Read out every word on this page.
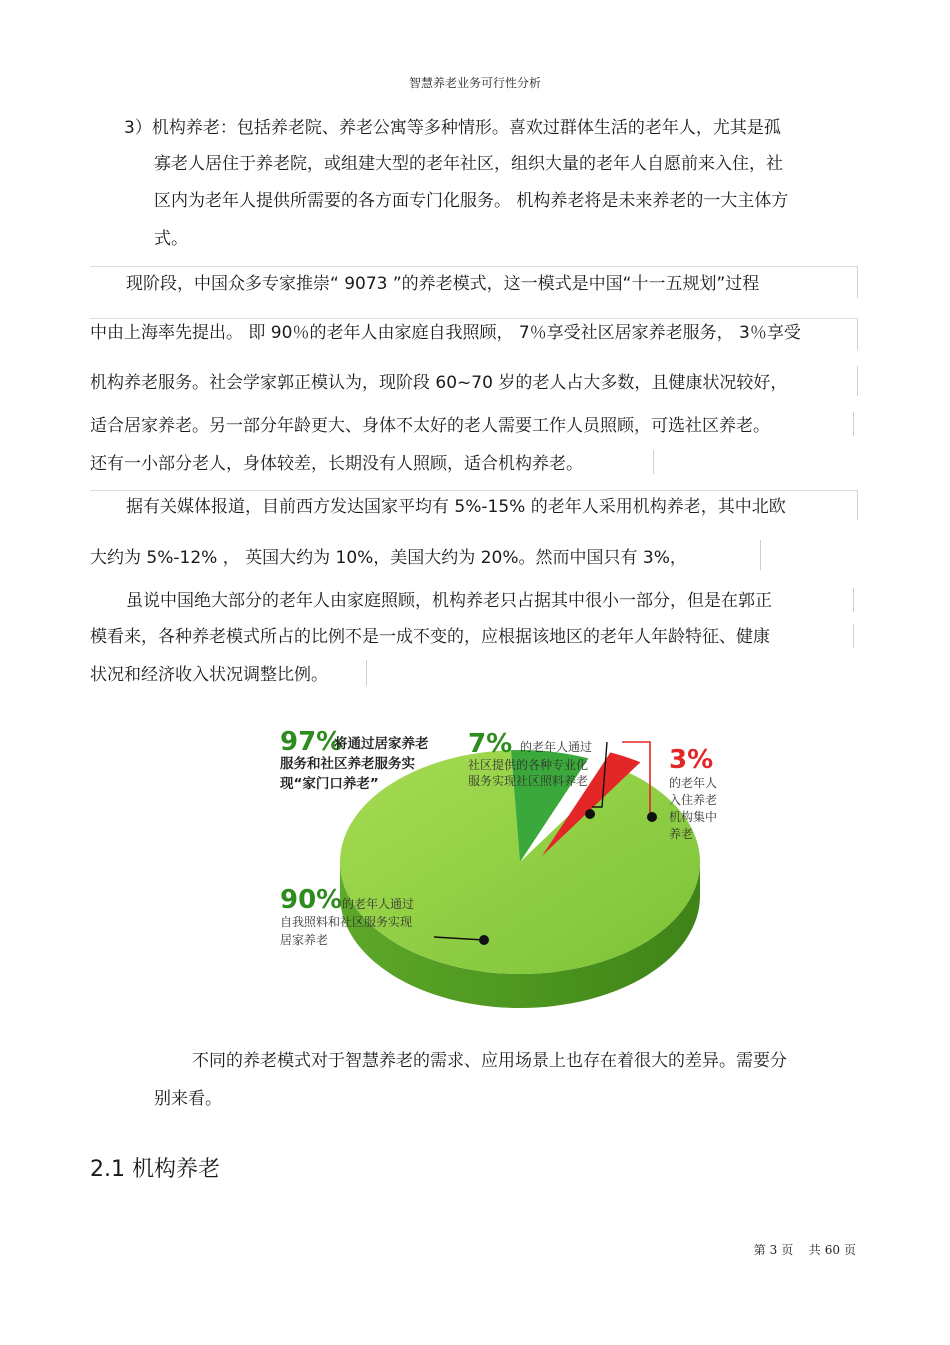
智慧养老业务可行性分析
3）机构养老：包括养老院、养老公寓等多种情形。喜欢过群体生活的老年人，尤其是孤
寡老人居住于养老院，或组建大型的老年社区，组织大量的老年人自愿前来入住，社
区内为老年人提供所需要的各方面专门化服务。 机构养老将是未来养老的一大主体方
式。
现阶段，中国众多专家推崇“ 9073 ”的养老模式，这一模式是中国“十一五规划”过程
中由上海率先提出。 即 90％的老年人由家庭自我照顾， 7％享受社区居家养老服务， 3％享受
机构养老服务。社会学家郭正模认为，现阶段 60~70 岁的老人占大多数，且健康状况较好，
适合居家养老。另一部分年龄更大、身体不太好的老人需要工作人员照顾，可选社区养老。
还有一小部分老人，身体较差，长期没有人照顾，适合机构养老。
据有关媒体报道，目前西方发达国家平均有 5%-15% 的老年人采用机构养老，其中北欧
大约为 5%-12% ， 英国大约为 10%，美国大约为 20%。然而中国只有 3%，
虽说中国绝大部分的老年人由家庭照顾，机构养老只占据其中很小一部分，但是在郭正
模看来，各种养老模式所占的比例不是一成不变的，应根据该地区的老年人年龄特征、健康
状况和经济收入状况调整比例。
97%
将通过居家养老
服务和社区养老服务实
现“家门口养老”
7% 的老年人通过
社区提供的各种专业化
服务实现社区照料养老
3%
的老年人
入住养老
机构集中
养老
90% 的老年人通过
自我照料和社区服务实现
居家养老
不同的养老模式对于智慧养老的需求、应用场景上也存在着很大的差异。需要分
别来看。
2.1 机构养老
第 3 页 共 60 页
